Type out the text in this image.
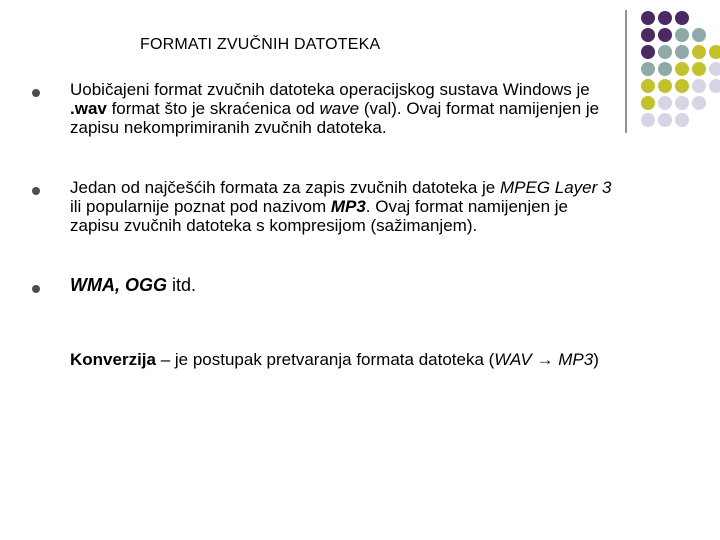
FORMATI ZVUČNIH DATOTEKA
Uobičajeni format zvučnih datoteka operacijskog sustava Windows je
.wav format što je skraćenica od wave (val). Ovaj format namijenjen je
zapisu nekomprimiranih zvučnih datoteka.
Jedan od najčešćih formata za zapis zvučnih datoteka je MPEG Layer 3
ili popularnije poznat pod nazivom MP3. Ovaj format namijenjen je
zapisu zvučnih datoteka s kompresijom (sažimanjem).
WMA, OGG itd.
Konverzija – je postupak pretvaranja formata datoteka (WAV → MP3)
